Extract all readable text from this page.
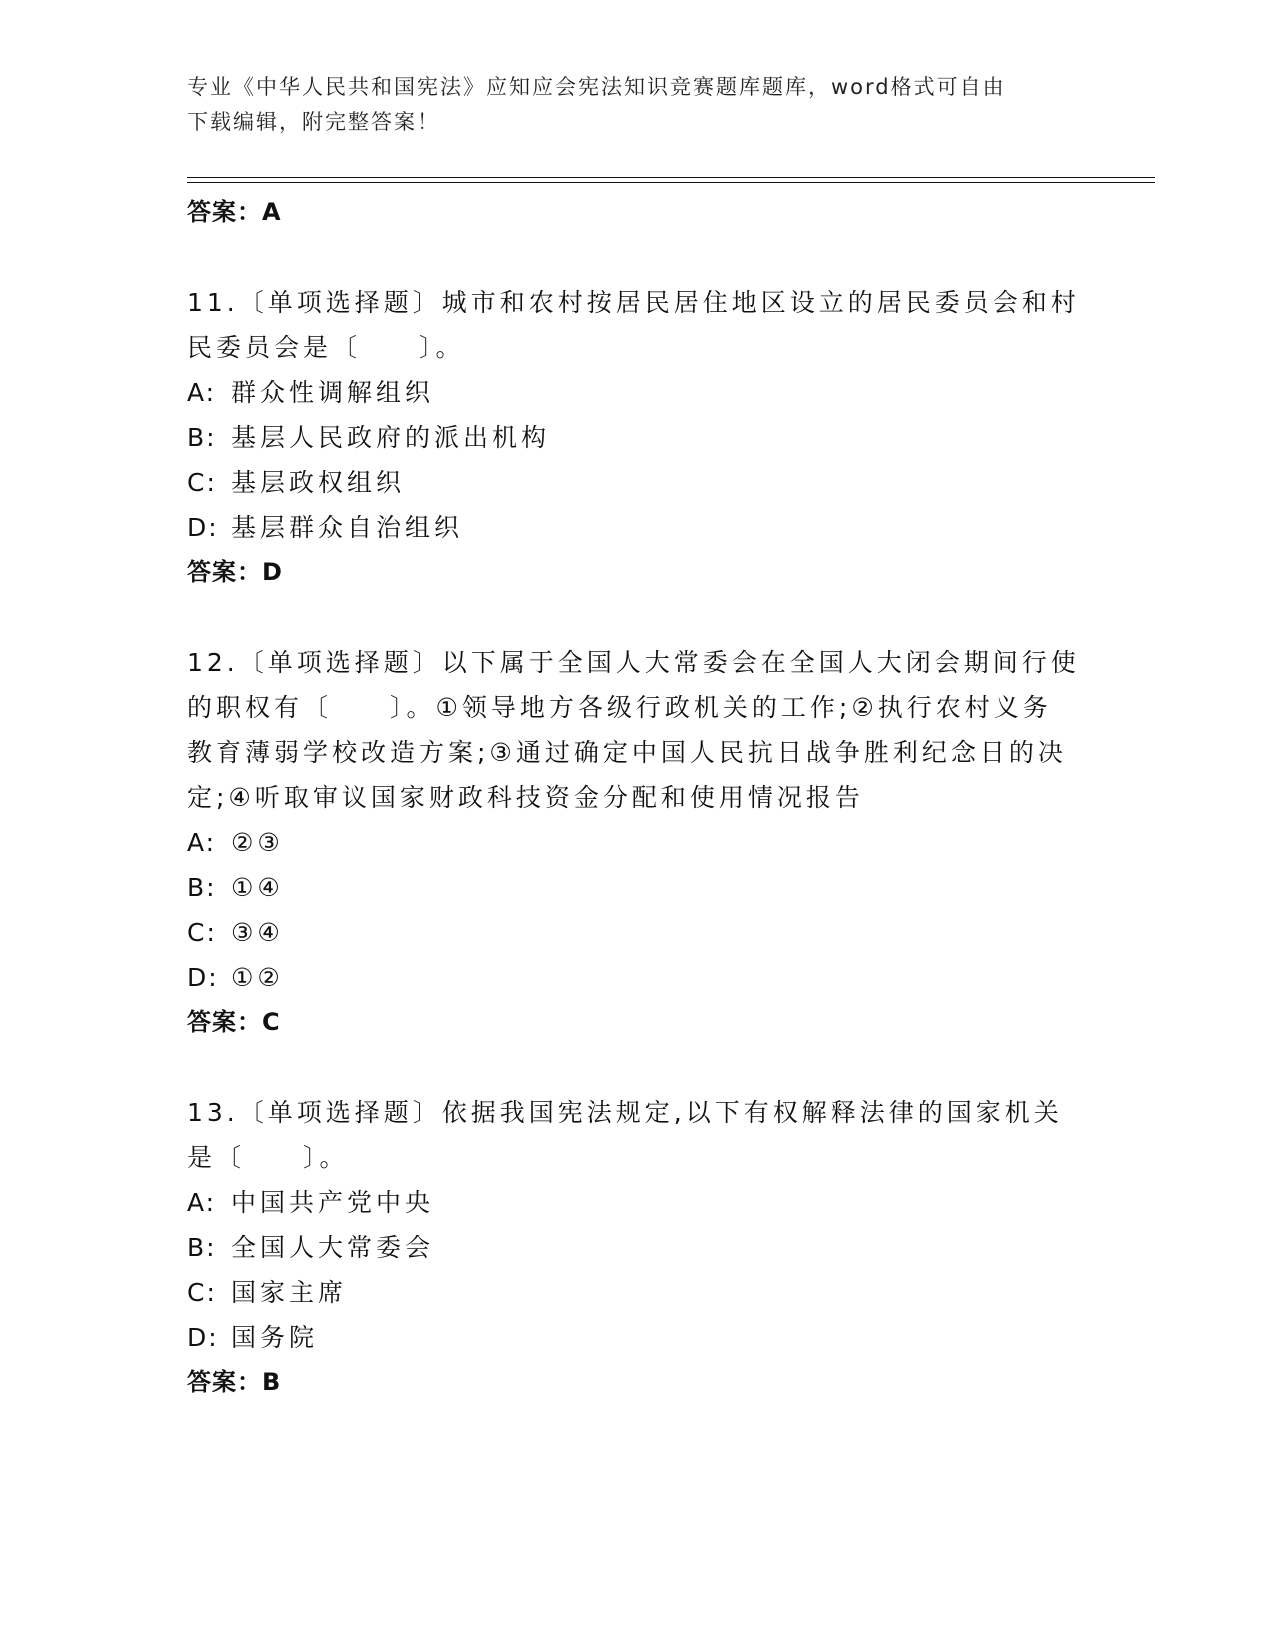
专业《中华人民共和国宪法》应知应会宪法知识竞赛题库题库，word格式可自由
下载编辑，附完整答案！
答案：A
11.〔单项选择题〕城市和农村按居民居住地区设立的居民委员会和村
民委员会是〔　　〕。
A: 群众性调解组织
B: 基层人民政府的派出机构
C: 基层政权组织
D: 基层群众自治组织
答案：D
12.〔单项选择题〕以下属于全国人大常委会在全国人大闭会期间行使
的职权有〔　　〕。①领导地方各级行政机关的工作;②执行农村义务
教育薄弱学校改造方案;③通过确定中国人民抗日战争胜利纪念日的决
定;④听取审议国家财政科技资金分配和使用情况报告
A: ②③
B: ①④
C: ③④
D: ①②
答案：C
13.〔单项选择题〕依据我国宪法规定,以下有权解释法律的国家机关
是〔　　〕。
A: 中国共产党中央
B: 全国人大常委会
C: 国家主席
D: 国务院
答案：B
